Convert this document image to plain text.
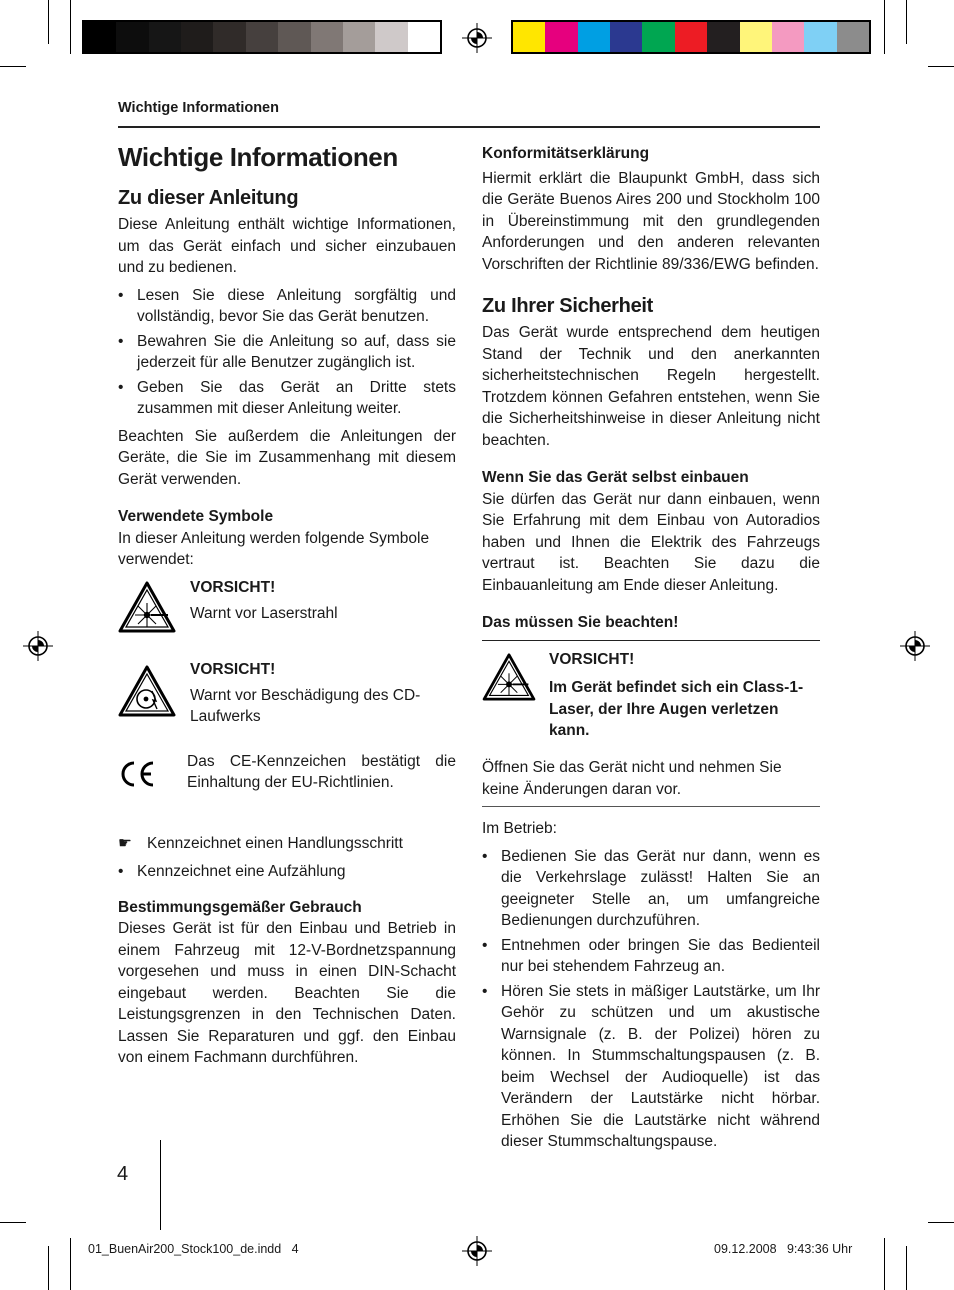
Wichtige Informationen
Wichtige Informationen
Zu dieser Anleitung

Diese Anleitung enthält wichtige Informationen, um das Gerät einfach und sicher einzubauen und zu bedienen.

• Lesen Sie diese Anleitung sorgfältig und vollständig, bevor Sie das Gerät benutzen.
• Bewahren Sie die Anleitung so auf, dass sie jederzeit für alle Benutzer zugänglich ist.
• Geben Sie das Gerät an Dritte stets zusammen mit dieser Anleitung weiter.

Beachten Sie außerdem die Anleitungen der Geräte, die Sie im Zusammenhang mit diesem Gerät verwenden.

Verwendete Symbole

In dieser Anleitung werden folgende Symbole verwendet:

VORSICHT!
Warnt vor Laserstrahl
VORSICHT!
Warnt vor Beschädigung des CD-Laufwerks
Das CE-Kennzeichen bestätigt die Einhaltung der EU-Richtlinien.
☛ Kennzeichnet einen Handlungsschritt
• Kennzeichnet eine Aufzählung
Bestimmungsgemäßer Gebrauch

Dieses Gerät ist für den Einbau und Betrieb in einem Fahrzeug mit 12-V-Bordnetzspannung vorgesehen und muss in einen DIN-Schacht eingebaut werden. Beachten Sie die Leistungsgrenzen in den Technischen Daten. Lassen Sie Reparaturen und ggf. den Einbau von einem Fachmann durchführen.

Konformitätserklärung

Hiermit erklärt die Blaupunkt GmbH, dass sich die Geräte Buenos Aires 200 und Stockholm 100 in Übereinstimmung mit den grundlegenden Anforderungen und den anderen relevanten Vorschriften der Richtlinie 89/336/EWG befinden.

Zu Ihrer Sicherheit

Das Gerät wurde entsprechend dem heutigen Stand der Technik und den anerkannten sicherheitstechnischen Regeln hergestellt. Trotzdem können Gefahren entstehen, wenn Sie die Sicherheitshinweise in dieser Anleitung nicht beachten.

Wenn Sie das Gerät selbst einbauen

Sie dürfen das Gerät nur dann einbauen, wenn Sie Erfahrung mit dem Einbau von Autoradios haben und Ihnen die Elektrik des Fahrzeugs vertraut ist. Beachten Sie dazu die Einbauanleitung am Ende dieser Anleitung.

Das müssen Sie beachten!
VORSICHT!
Im Gerät befindet sich ein Class-1-Laser, der Ihre Augen verletzen kann.

Öffnen Sie das Gerät nicht und nehmen Sie keine Änderungen daran vor.

Im Betrieb:

• Bedienen Sie das Gerät nur dann, wenn es die Verkehrslage zulässt! Halten Sie an geeigneter Stelle an, um umfangreiche Bedienungen durchzuführen.
• Entnehmen oder bringen Sie das Bedienteil nur bei stehendem Fahrzeug an.
• Hören Sie stets in mäßiger Lautstärke, um Ihr Gehör zu schützen und um akustische Warnsignale (z. B. der Polizei) hören zu können. In Stummschaltungspausen (z. B. beim Wechsel der Audioquelle) ist das Verändern der Lautstärke nicht hörbar. Erhöhen Sie die Lautstärke nicht während dieser Stummschaltungspause.
4
01_BuenAir200_Stock100_de.indd   4	09.12.2008   9:43:36 Uhr
